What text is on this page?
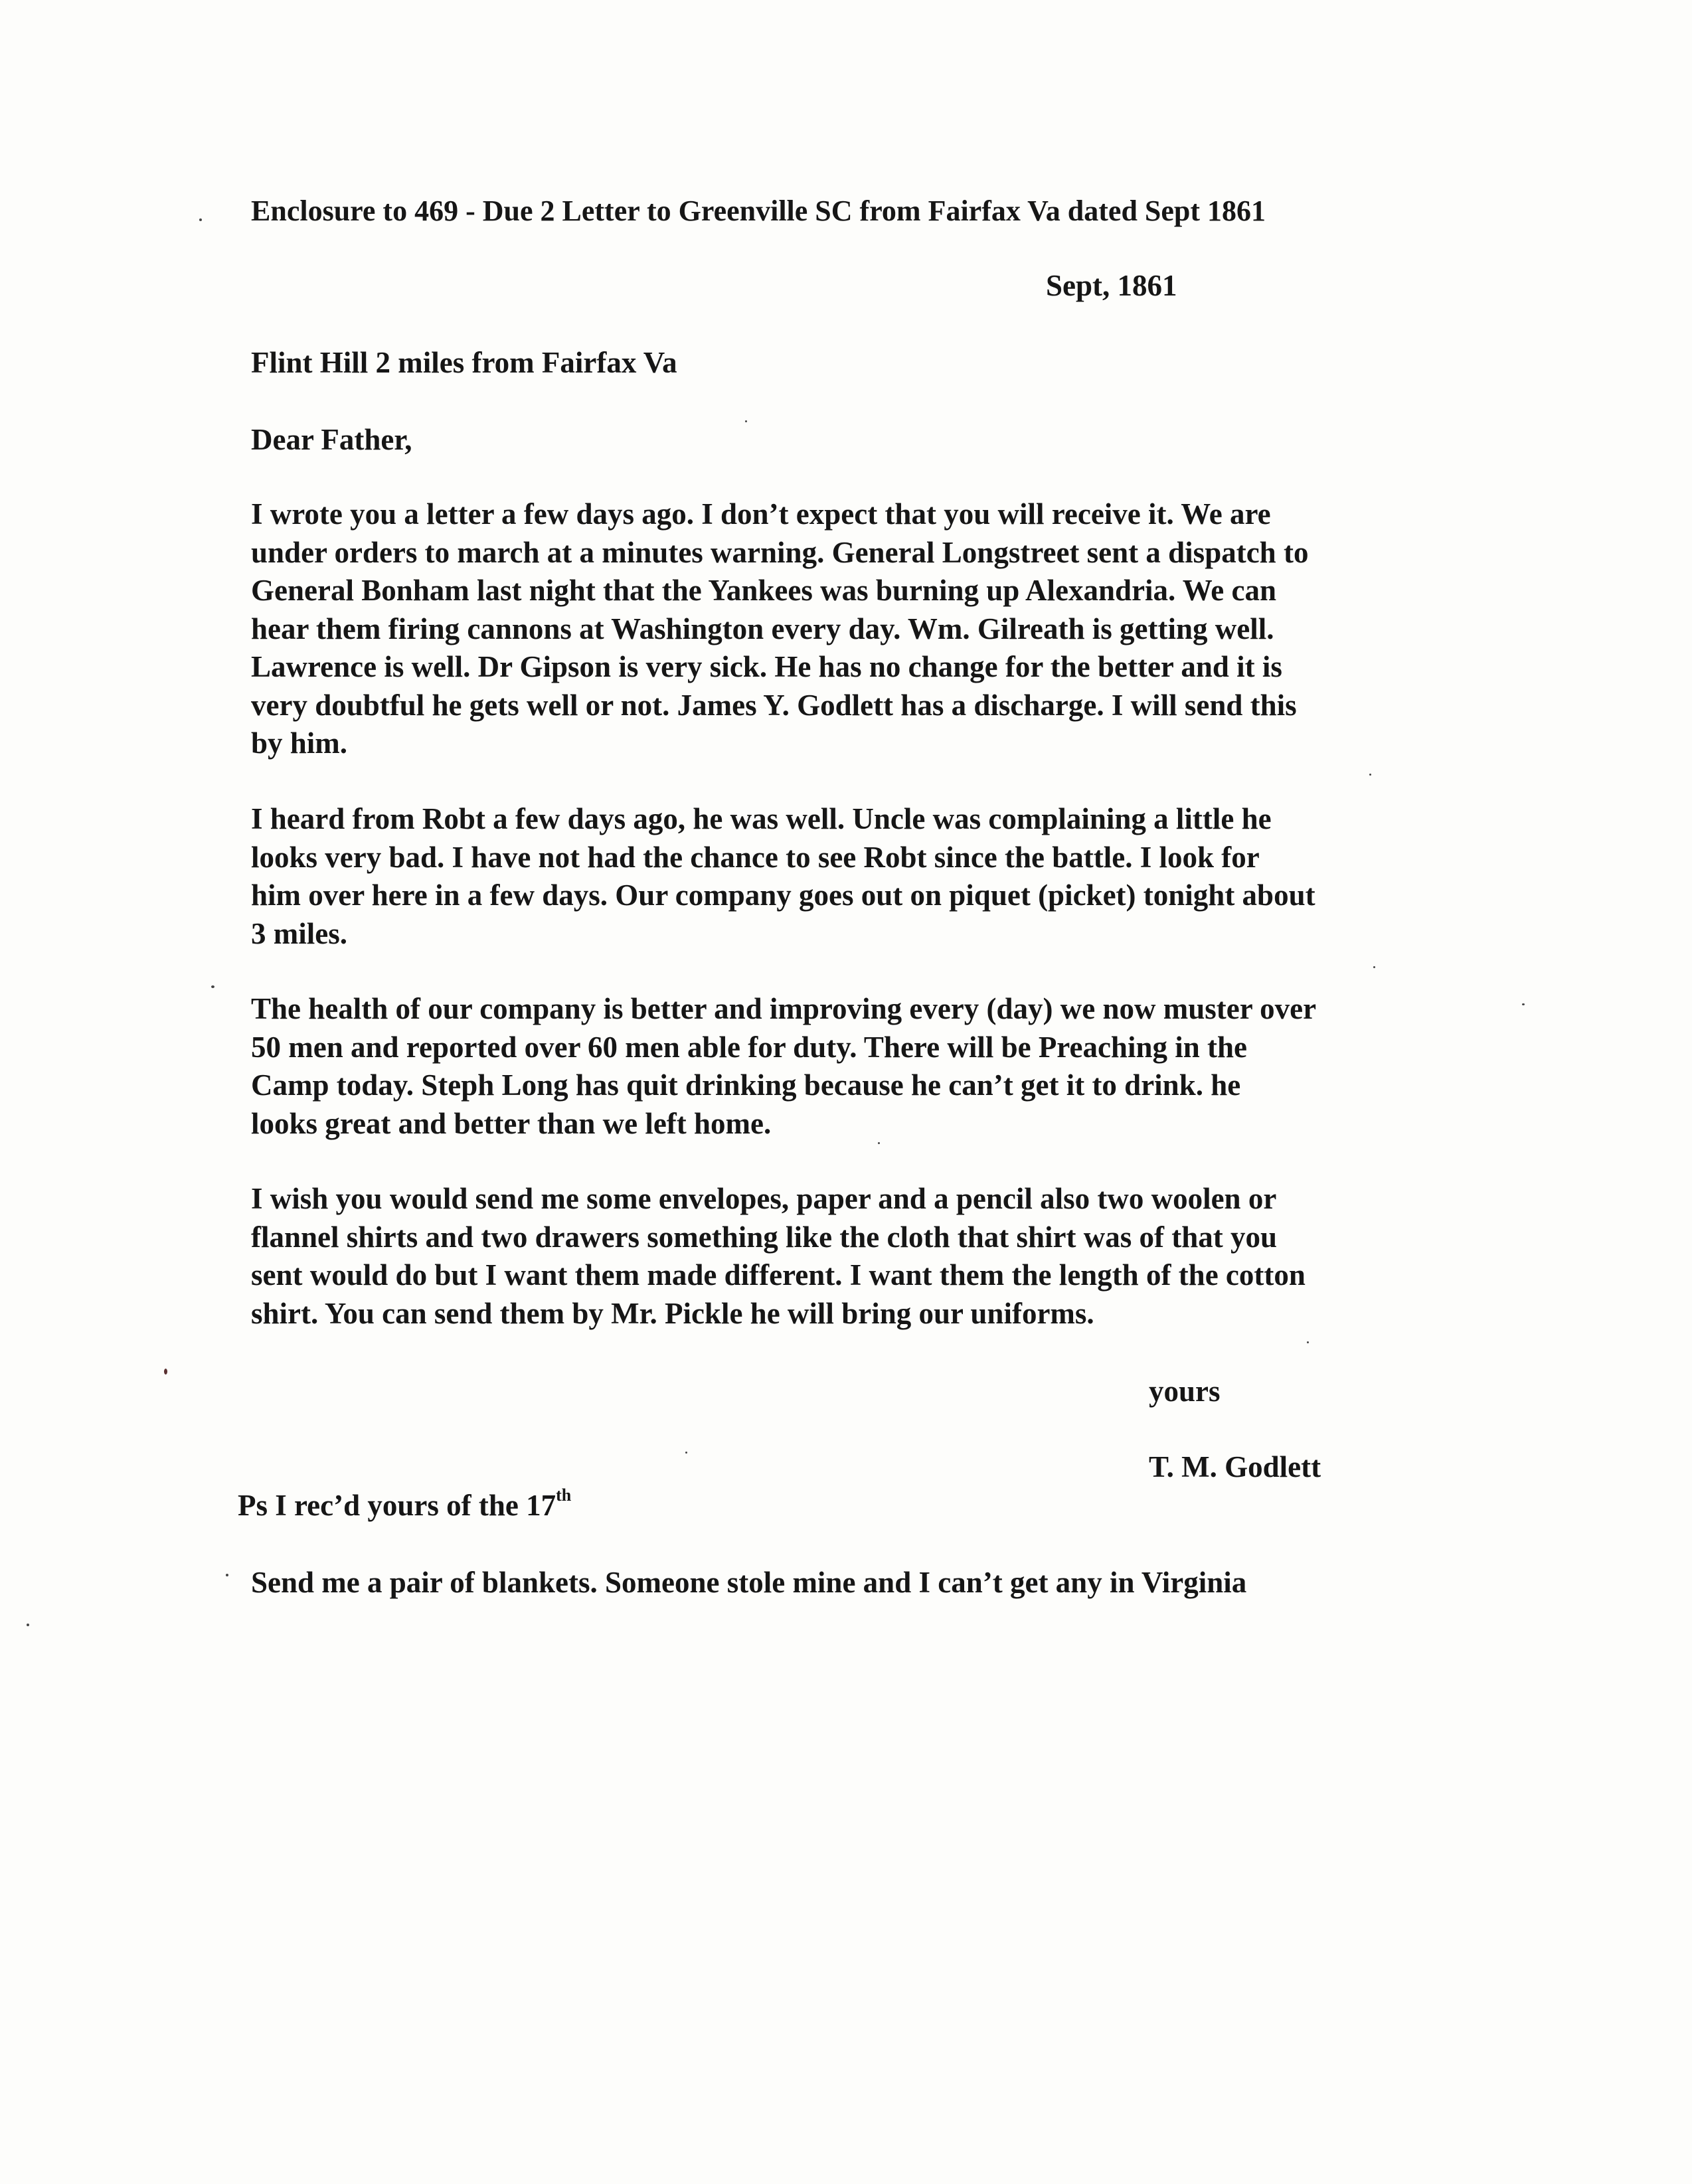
Enclosure to 469 - Due 2 Letter to Greenville SC from Fairfax Va dated Sept 1861
Sept, 1861
Flint Hill 2 miles from Fairfax Va
Dear Father,
I wrote you a letter a few days ago. I don’t expect that you will receive it. We are
under orders to march at a minutes warning. General Longstreet sent a dispatch to
General Bonham last night that the Yankees was burning up Alexandria. We can
hear them firing cannons at Washington every day. Wm. Gilreath is getting well.
Lawrence is well. Dr Gipson is very sick. He has no change for the better and it is
very doubtful he gets well or not. James Y. Godlett has a discharge. I will send this
by him.
I heard from Robt a few days ago, he was well. Uncle was complaining a little he
looks very bad. I have not had the chance to see Robt since the battle. I look for
him over here in a few days. Our company goes out on piquet (picket) tonight about
3 miles.
The health of our company is better and improving every (day) we now muster over
50 men and reported over 60 men able for duty. There will be Preaching in the
Camp today. Steph Long has quit drinking because he can’t get it to drink. he
looks great and better than we left home.
I wish you would send me some envelopes, paper and a pencil also two woolen or
flannel shirts and two drawers something like the cloth that shirt was of that you
sent would do but I want them made different. I want them the length of the cotton
shirt. You can send them by Mr. Pickle he will bring our uniforms.
yours
T. M. Godlett
Ps I rec’d yours of the 17th
Send me a pair of blankets. Someone stole mine and I can’t get any in Virginia
